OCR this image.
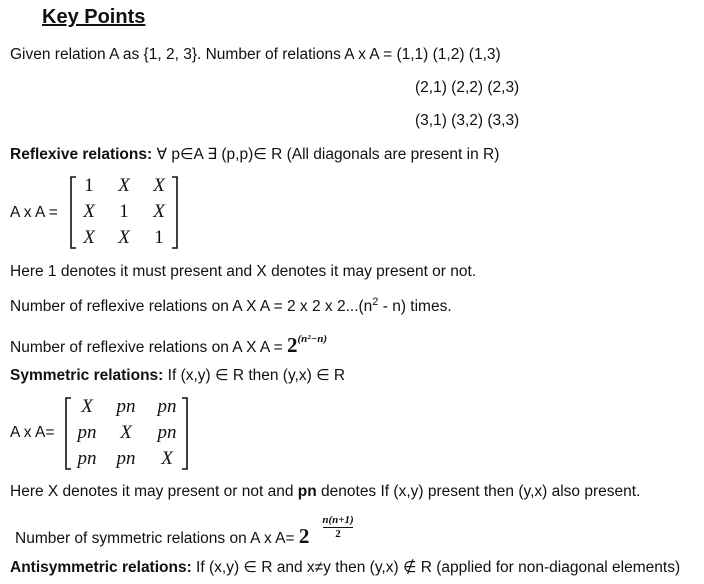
Key Points
Given relation A as {1, 2, 3}. Number of relations A x A = (1,1) (1,2) (1,3)
(2,1) (2,2) (2,3)
(3,1) (3,2) (3,3)
Reflexive relations: ∀ p∈A ∃ (p,p)∈ R (All diagonals are present in R)
A x A =
1	X	X
X	1	X
X	X	1
Here 1 denotes it must present and X denotes it may present or not.
Number of reflexive relations on A X A = 2 x 2 x $2...(n^2 - n)$ times.
Number of reflexive relations on A X $A = 2^{(n^2-n)}$
Symmetric relations: If (x,y) ∈ R then (y,x) ∈ R
A x A=
X	pn	pn
pn	X	pn
pn	pn	X
Here X denotes it may present or not and pn denotes If (x,y) present then (y,x) also present.
Number of symmetric relations on A x A= 2
n(n+1)
2
Antisymmetric relations: If (x,y) ∈ R and x≠y then (y,x) ∉ R (applied for non-diagonal elements)
